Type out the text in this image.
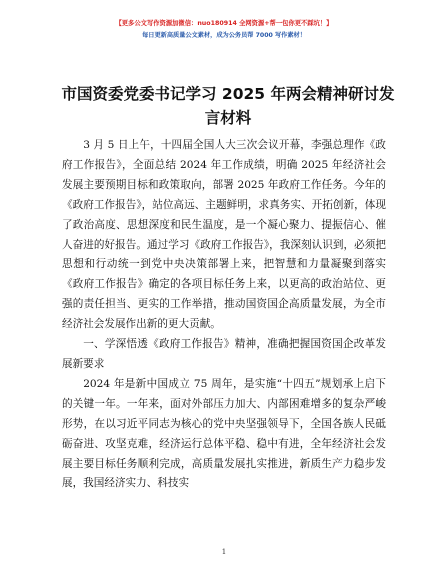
【更多公文写作资源加微信：nuo180914 全网资源+帮一包你更不踩坑！】
每日更新高质量公文素材，成为公务员帮 7000 写作素材！
市国资委党委书记学习 2025 年两会精神研讨发言材料

3 月 5 日上午，十四届全国人大三次会议开幕，李强总理作《政府工作报告》，全面总结 2024 年工作成绩，明确 2025 年经济社会发展主要预期目标和政策取向，部署 2025 年政府工作任务。今年的《政府工作报告》，站位高远、主题鲜明，求真务实、开拓创新，体现了政治高度、思想深度和民生温度，是一个凝心聚力、提振信心、催人奋进的好报告。通过学习《政府工作报告》，我深刻认识到，必须把思想和行动统一到党中央决策部署上来，把智慧和力量凝聚到落实《政府工作报告》确定的各项目标任务上来，以更高的政治站位、更强的责任担当、更实的工作举措，推动国资国企高质量发展，为全市经济社会发展作出新的更大贡献。

一、学深悟透《政府工作报告》精神，准确把握国资国企改革发展新要求

2024 年是新中国成立 75 周年，是实施“十四五”规划承上启下的关键一年。一年来，面对外部压力加大、内部困难增多的复杂严峻形势，在以习近平同志为核心的党中央坚强领导下，全国各族人民砥砺奋进、攻坚克难，经济运行总体平稳、稳中有进，全年经济社会发展主要目标任务顺利完成，高质量发展扎实推进，新质生产力稳步发展，我国经济实力、科技实

1
